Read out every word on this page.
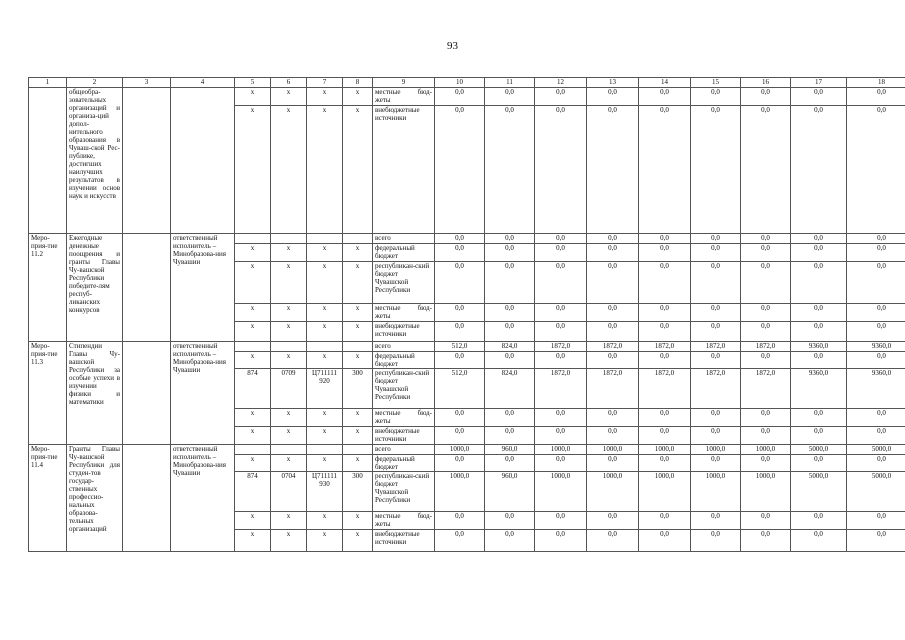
93
1	2	3	4	5	6	7	8	9	10	11	12	13	14	15	16	17	18
	общеобра-зовательных организаций и организа-ций допол-нительного образования в Чуваш-ской Рес-публике, достигших наилучших результатов в изучении основ наук и искусств			x	x	x	x	местные бюд-жеты	0,0	0,0	0,0	0,0	0,0	0,0	0,0	0,0	0,0
				x	x	x	x	внебюджетные источники	0,0	0,0	0,0	0,0	0,0	0,0	0,0	0,0	0,0
Меро-прия-тие 11.2	Ежегодные денежные поощрения и гранты Главы Чу-вашской Республики победите-лям респуб-ликанских конкурсов		ответственный исполнитель – Минобразова-ния Чувашии					всего	0,0	0,0	0,0	0,0	0,0	0,0	0,0	0,0	0,0
				x	x	x	x	федеральный бюджет	0,0	0,0	0,0	0,0	0,0	0,0	0,0	0,0	0,0
				x	x	x	x	республикан-ский бюджет Чувашской Республики	0,0	0,0	0,0	0,0	0,0	0,0	0,0	0,0	0,0
				x	x	x	x	местные бюд-жеты	0,0	0,0	0,0	0,0	0,0	0,0	0,0	0,0	0,0
				x	x	x	x	внебюджетные источники	0,0	0,0	0,0	0,0	0,0	0,0	0,0	0,0	0,0
Меро-прия-тие 11.3	Стипендии Главы Чу-вашской Республики за особые успехи в изучении физики и математики		ответственный исполнитель – Минобразова-ния Чувашии					всего	512,0	824,0	1872,0	1872,0	1872,0	1872,0	1872,0	9360,0	9360,0
				x	x	x	x	федеральный бюджет	0,0	0,0	0,0	0,0	0,0	0,0	0,0	0,0	0,0
				874	0709	Ц711111 920	300	республикан-ский бюджет Чувашской Республики	512,0	824,0	1872,0	1872,0	1872,0	1872,0	1872,0	9360,0	9360,0
				x	x	x	x	местные бюд-жеты	0,0	0,0	0,0	0,0	0,0	0,0	0,0	0,0	0,0
				x	x	x	x	внебюджетные источники	0,0	0,0	0,0	0,0	0,0	0,0	0,0	0,0	0,0
Меро-прия-тие 11.4	Гранты Главы Чу-вашской Республики для студен-тов государ-ственных профессио-нальных образова-тельных организаций		ответственный исполнитель – Минобразова-ния Чувашии					всего	1000,0	960,0	1000,0	1000,0	1000,0	1000,0	1000,0	5000,0	5000,0
				x	x	x	x	федеральный бюджет	0,0	0,0	0,0	0,0	0,0	0,0	0,0	0,0	0,0
				874	0704	Ц711111 930	300	республикан-ский бюджет Чувашской Республики	1000,0	960,0	1000,0	1000,0	1000,0	1000,0	1000,0	5000,0	5000,0
				x	x	x	x	местные бюд-жеты	0,0	0,0	0,0	0,0	0,0	0,0	0,0	0,0	0,0
				x	x	x	x	внебюджетные источники	0,0	0,0	0,0	0,0	0,0	0,0	0,0	0,0	0,0
